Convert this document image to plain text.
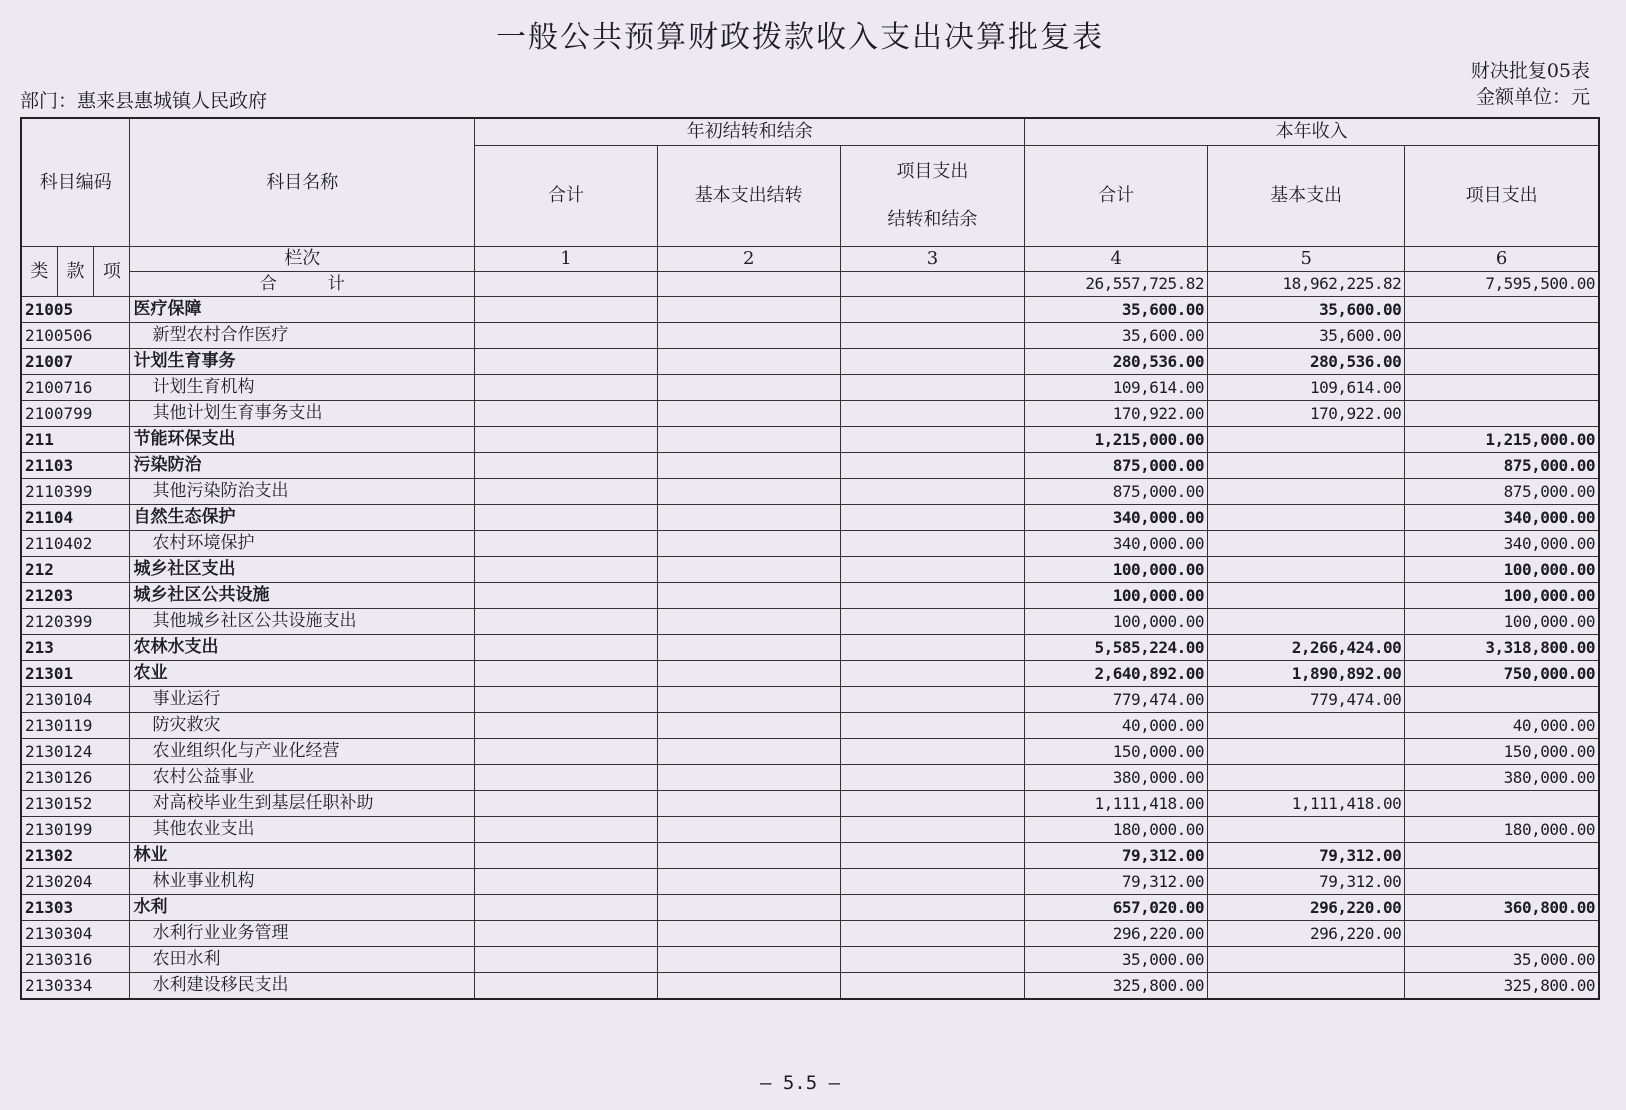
一般公共预算财政拨款收入支出决算批复表
财决批复05表
金额单位：元
部门：惠来县惠城镇人民政府
科目编码			科目名称	年初结转和结余			本年收入		
				合计	基本支出结转	项目支出
结转和结余	合计	基本支出	项目支出
类	款	项	栏次	1	2	3	4	5	6
			合　　　计				26,557,725.82	18,962,225.82	7,595,500.00
21005			医疗保障				35,600.00	35,600.00	
2100506			新型农村合作医疗				35,600.00	35,600.00	
21007			计划生育事务				280,536.00	280,536.00	
2100716			计划生育机构				109,614.00	109,614.00	
2100799			其他计划生育事务支出				170,922.00	170,922.00	
211			节能环保支出				1,215,000.00		1,215,000.00
21103			污染防治				875,000.00		875,000.00
2110399			其他污染防治支出				875,000.00		875,000.00
21104			自然生态保护				340,000.00		340,000.00
2110402			农村环境保护				340,000.00		340,000.00
212			城乡社区支出				100,000.00		100,000.00
21203			城乡社区公共设施				100,000.00		100,000.00
2120399			其他城乡社区公共设施支出				100,000.00		100,000.00
213			农林水支出				5,585,224.00	2,266,424.00	3,318,800.00
21301			农业				2,640,892.00	1,890,892.00	750,000.00
2130104			事业运行				779,474.00	779,474.00	
2130119			防灾救灾				40,000.00		40,000.00
2130124			农业组织化与产业化经营				150,000.00		150,000.00
2130126			农村公益事业				380,000.00		380,000.00
2130152			对高校毕业生到基层任职补助				1,111,418.00	1,111,418.00	
2130199			其他农业支出				180,000.00		180,000.00
21302			林业				79,312.00	79,312.00	
2130204			林业事业机构				79,312.00	79,312.00	
21303			水利				657,020.00	296,220.00	360,800.00
2130304			水利行业业务管理				296,220.00	296,220.00	
2130316			农田水利				35,000.00		35,000.00
2130334			水利建设移民支出				325,800.00		325,800.00
— 5.5 —
